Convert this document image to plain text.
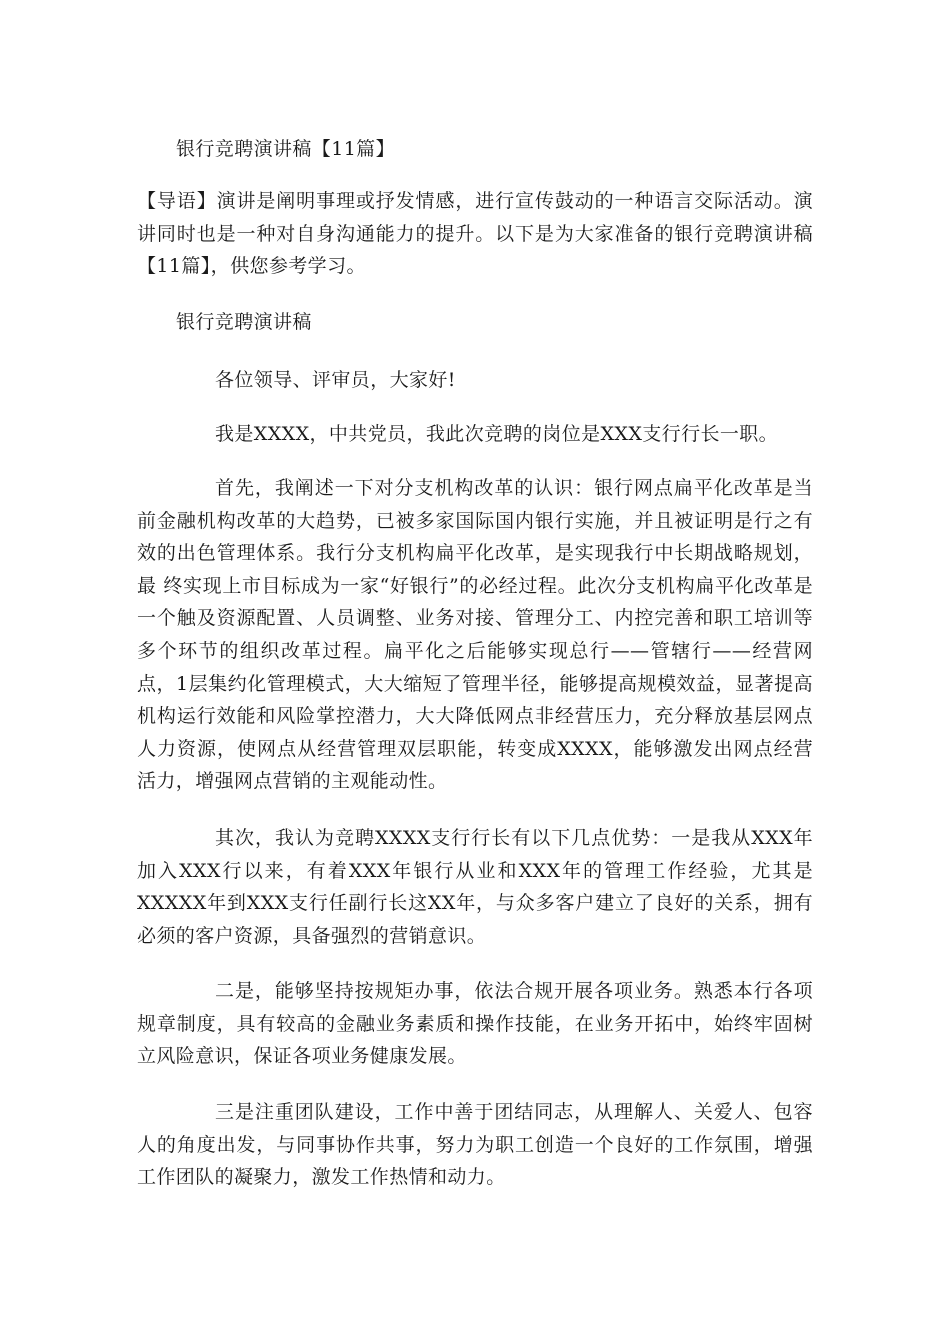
银行竞聘演讲稿【11篇】

【导语】演讲是阐明事理或抒发情感，进行宣传鼓动的一种语言交际活动。演讲同时也是一种对自身沟通能力的提升。以下是为大家准备的银行竞聘演讲稿【11篇】，供您参考学习。

银行竞聘演讲稿

各位领导、评审员，大家好!

我是XXXX，中共党员，我此次竞聘的岗位是XXX支行行长一职。

首先，我阐述一下对分支机构改革的认识：银行网点扁平化改革是当前金融机构改革的大趋势，已被多家国际国内银行实施，并且被证明是行之有效的出色管理体系。我行分支机构扁平化改革，是实现我行中长期战略规划，最 终实现上市目标成为一家“好银行”的必经过程。此次分支机构扁平化改革是一个触及资源配置、人员调整、业务对接、管理分工、内控完善和职工培训等多个环节的组织改革过程。扁平化之后能够实现总行——管辖行——经营网点，1层集约化管理模式，大大缩短了管理半径，能够提高规模效益，显著提高机构运行效能和风险掌控潜力，大大降低网点非经营压力，充分释放基层网点人力资源，使网点从经营管理双层职能，转变成XXXX，能够激发出网点经营活力，增强网点营销的主观能动性。

其次，我认为竞聘XXXX支行行长有以下几点优势：一是我从XXX年加入XXX行以来，有着XXX年银行从业和XXX年的管理工作经验，尤其是XXXXX年到XXX支行任副行长这XX年，与众多客户建立了良好的关系，拥有必须的客户资源，具备强烈的营销意识。

二是，能够坚持按规矩办事，依法合规开展各项业务。熟悉本行各项规章制度，具有较高的金融业务素质和操作技能，在业务开拓中，始终牢固树立风险意识，保证各项业务健康发展。

三是注重团队建设，工作中善于团结同志，从理解人、关爱人、包容人的角度出发，与同事协作共事，努力为职工创造一个良好的工作氛围，增强工作团队的凝聚力，激发工作热情和动力。
